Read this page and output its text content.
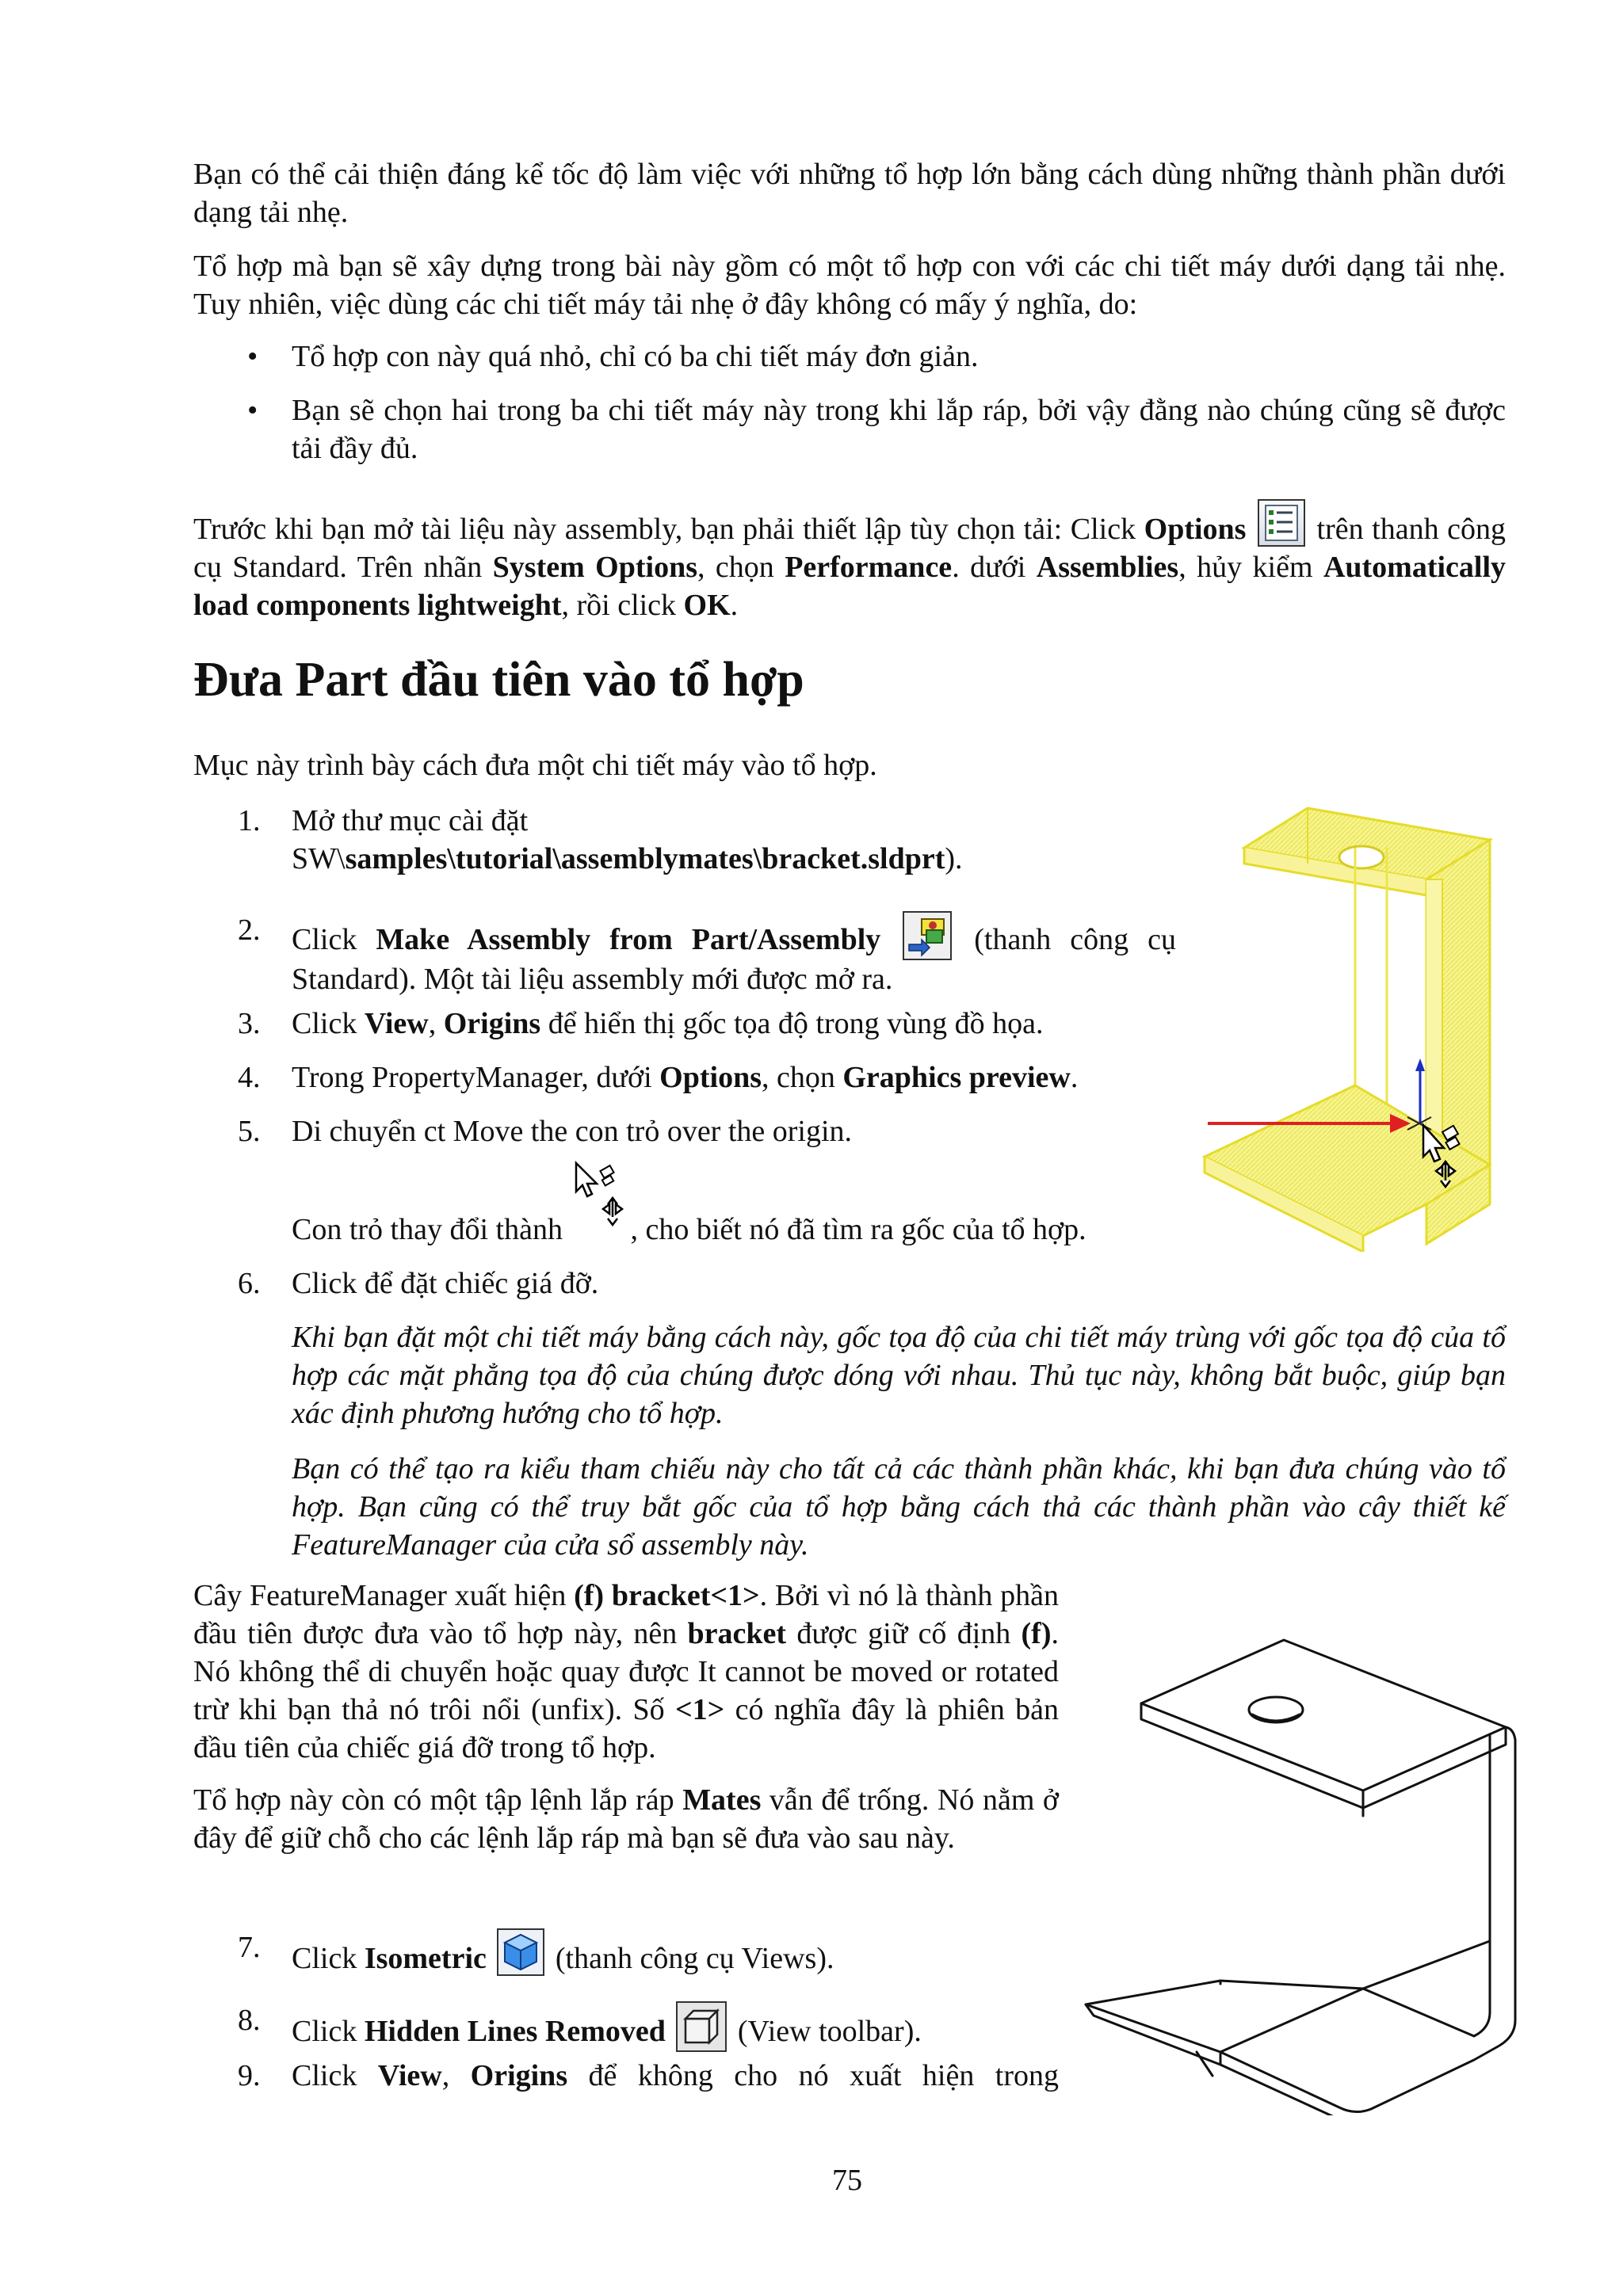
Bạn có thể cải thiện đáng kể tốc độ làm việc với những tổ hợp lớn bằng cách dùng những thành phần dưới dạng tải nhẹ.
Tổ hợp mà bạn sẽ xây dựng trong bài này gồm có một tổ hợp con với các chi tiết máy dưới dạng tải nhẹ. Tuy nhiên, việc dùng các chi tiết máy tải nhẹ ở đây không có mấy ý nghĩa, do:
• Tổ hợp con này quá nhỏ, chỉ có ba chi tiết máy đơn giản.
• Bạn sẽ chọn hai trong ba chi tiết máy này trong khi lắp ráp, bởi vậy đằng nào chúng cũng sẽ được tải đầy đủ.
Trước khi bạn mở tài liệu này assembly, bạn phải thiết lập tùy chọn tải: Click Options
trên thanh công cụ Standard. Trên nhãn System Options, chọn Performance. dưới Assemblies, hủy kiểm Automatically load components lightweight, rồi click OK.
Đưa Part đầu tiên vào tổ hợp
Mục này trình bày cách đưa một chi tiết máy vào tổ hợp.
1.	Mở thư mục cài đặt
SW\samples\tutorial\assemblymates\bracket.sldprt).
2.	Click Make Assembly from Part/Assembly
(thanh công cụ Standard). Một tài liệu assembly mới được mở ra.
3.	Click View, Origins để hiển thị gốc tọa độ trong vùng đồ họa.
4.	Trong PropertyManager, dưới Options, chọn Graphics preview.
5.	Di chuyển ct Move the con trỏ over the origin.
Con trỏ thay đổi thành , cho biết nó đã tìm ra gốc của tổ hợp.
6.	Click để đặt chiếc giá đỡ.
Khi bạn đặt một chi tiết máy bằng cách này, gốc tọa độ của chi tiết máy trùng với gốc tọa độ của tổ hợp các mặt phẳng tọa độ của chúng được dóng với nhau. Thủ tục này, không bắt buộc, giúp bạn xác định phương hướng cho tổ hợp.
Bạn có thể tạo ra kiểu tham chiếu này cho tất cả các thành phần khác, khi bạn đưa chúng vào tổ hợp. Bạn cũng có thể truy bắt gốc của tổ hợp bằng cách thả các thành phần vào cây thiết kế FeatureManager của cửa sổ assembly này.
Cây FeatureManager xuất hiện (f) bracket<1>. Bởi vì nó là thành phần đầu tiên được đưa vào tổ hợp này, nên bracket được giữ cố định (f). Nó không thể di chuyển hoặc quay được It cannot be moved or rotated trừ khi bạn thả nó trôi nổi (unfix). Số <1> có nghĩa đây là phiên bản đầu tiên của chiếc giá đỡ trong tổ hợp.
Tổ hợp này còn có một tập lệnh lắp ráp Mates vẫn để trống. Nó nằm ở đây để giữ chỗ cho các lệnh lắp ráp mà bạn sẽ đưa vào sau này.
7.	Click Isometric
(thanh công cụ Views).
8.	Click Hidden Lines Removed
(View toolbar).
9.	Click View, Origins để không cho nó xuất hiện trong
75
